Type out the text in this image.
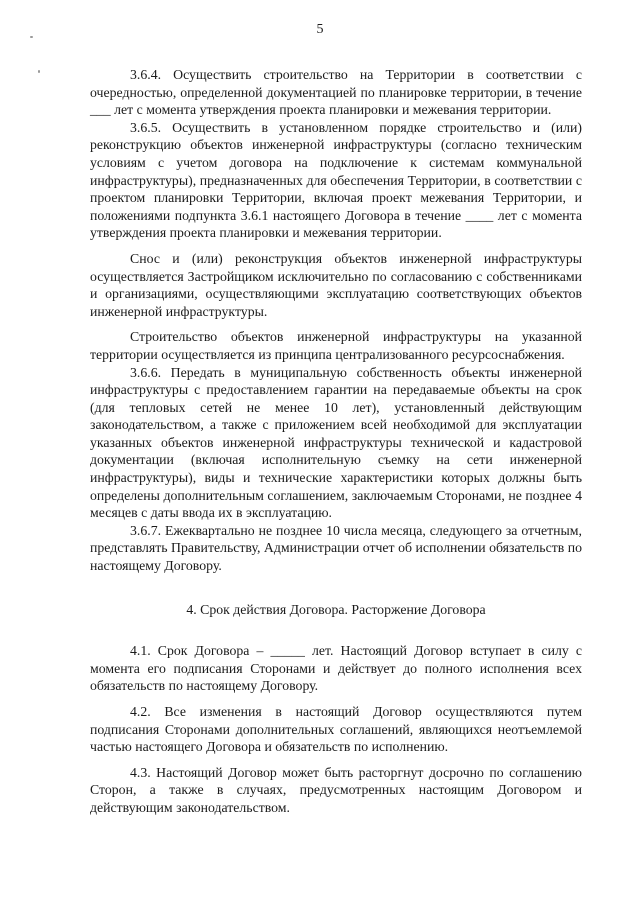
5

3.6.4. Осуществить строительство на Территории в соответствии с очередностью, определенной документацией по планировке территории, в течение ___ лет с момента утверждения проекта планировки и межевания территории.

3.6.5. Осуществить в установленном порядке строительство и (или) реконструкцию объектов инженерной инфраструктуры (согласно техническим условиям с учетом договора на подключение к системам коммунальной инфраструктуры), предназначенных для обеспечения Территории, в соответствии с проектом планировки Территории, включая проект межевания Территории, и положениями подпункта 3.6.1 настоящего Договора в течение ____ лет с момента утверждения проекта планировки и межевания территории.

Снос и (или) реконструкция объектов инженерной инфраструктуры осуществляется Застройщиком исключительно по согласованию с собственниками и организациями, осуществляющими эксплуатацию соответствующих объектов инженерной инфраструктуры.

Строительство объектов инженерной инфраструктуры на указанной территории осуществляется из принципа централизованного ресурсоснабжения.

3.6.6. Передать в муниципальную собственность объекты инженерной инфраструктуры с предоставлением гарантии на передаваемые объекты на срок (для тепловых сетей не менее 10 лет), установленный действующим законодательством, а также с приложением всей необходимой для эксплуатации указанных объектов инженерной инфраструктуры технической и кадастровой документации (включая исполнительную съемку на сети инженерной инфраструктуры), виды и технические характеристики которых должны быть определены дополнительным соглашением, заключаемым Сторонами, не позднее 4 месяцев с даты ввода их в эксплуатацию.

3.6.7. Ежеквартально не позднее 10 числа месяца, следующего за отчетным, представлять Правительству, Администрации отчет об исполнении обязательств по настоящему Договору.

4. Срок действия Договора. Расторжение Договора

4.1. Срок Договора – _____ лет. Настоящий Договор вступает в силу с момента его подписания Сторонами и действует до полного исполнения всех обязательств по настоящему Договору.

4.2. Все изменения в настоящий Договор осуществляются путем подписания Сторонами дополнительных соглашений, являющихся неотъемлемой частью настоящего Договора и обязательств по исполнению.

4.3. Настоящий Договор может быть расторгнут досрочно по соглашению Сторон, а также в случаях, предусмотренных настоящим Договором и действующим законодательством.
